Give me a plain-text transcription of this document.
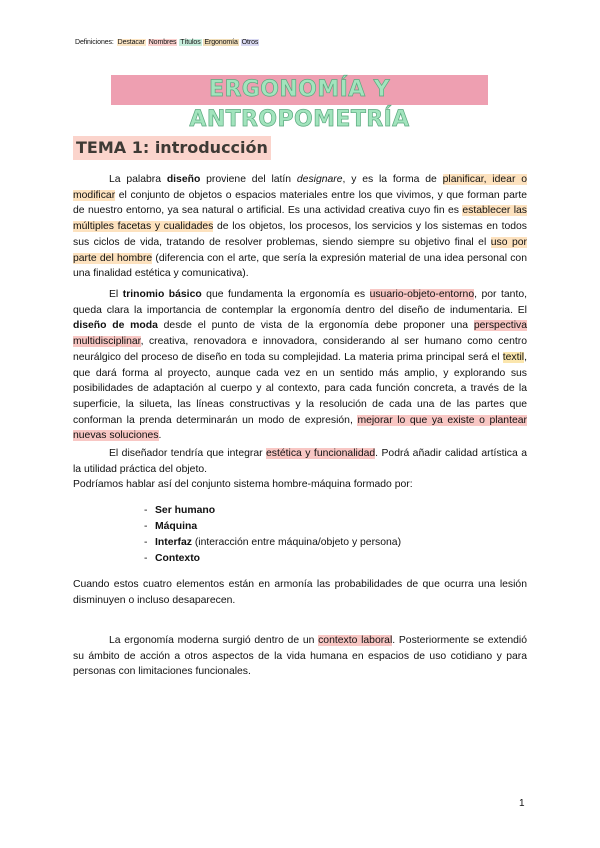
Definiciones: Destacar Nombres Títulos Ergonomía Otros
ERGONOMÍA Y ANTROPOMETRÍA
TEMA 1: introducción

La palabra diseño proviene del latín designare, y es la forma de planificar, idear o modificar el conjunto de objetos o espacios materiales entre los que vivimos, y que forman parte de nuestro entorno, ya sea natural o artificial. Es una actividad creativa cuyo fin es establecer las múltiples facetas y cualidades de los objetos, los procesos, los servicios y los sistemas en todos sus ciclos de vida, tratando de resolver problemas, siendo siempre su objetivo final el uso por parte del hombre (diferencia con el arte, que sería la expresión material de una idea personal con una finalidad estética y comunicativa).

El trinomio básico que fundamenta la ergonomía es usuario-objeto-entorno, por tanto, queda clara la importancia de contemplar la ergonomía dentro del diseño de indumentaria. El diseño de moda desde el punto de vista de la ergonomía debe proponer una perspectiva multidisciplinar, creativa, renovadora e innovadora, considerando al ser humano como centro neurálgico del proceso de diseño en toda su complejidad. La materia prima principal será el textil, que dará forma al proyecto, aunque cada vez en un sentido más amplio, y explorando sus posibilidades de adaptación al cuerpo y al contexto, para cada función concreta, a través de la superficie, la silueta, las líneas constructivas y la resolución de cada una de las partes que conforman la prenda determinarán un modo de expresión, mejorar lo que ya existe o plantear nuevas soluciones.

El diseñador tendría que integrar estética y funcionalidad. Podrá añadir calidad artística a la utilidad práctica del objeto.

Podríamos hablar así del conjunto sistema hombre-máquina formado por:

- Ser humano
- Máquina
- Interfaz (interacción entre máquina/objeto y persona)
- Contexto

Cuando estos cuatro elementos están en armonía las probabilidades de que ocurra una lesión disminuyen o incluso desaparecen.

La ergonomía moderna surgió dentro de un contexto laboral. Posteriormente se extendió su ámbito de acción a otros aspectos de la vida humana en espacios de uso cotidiano y para personas con limitaciones funcionales.

1
